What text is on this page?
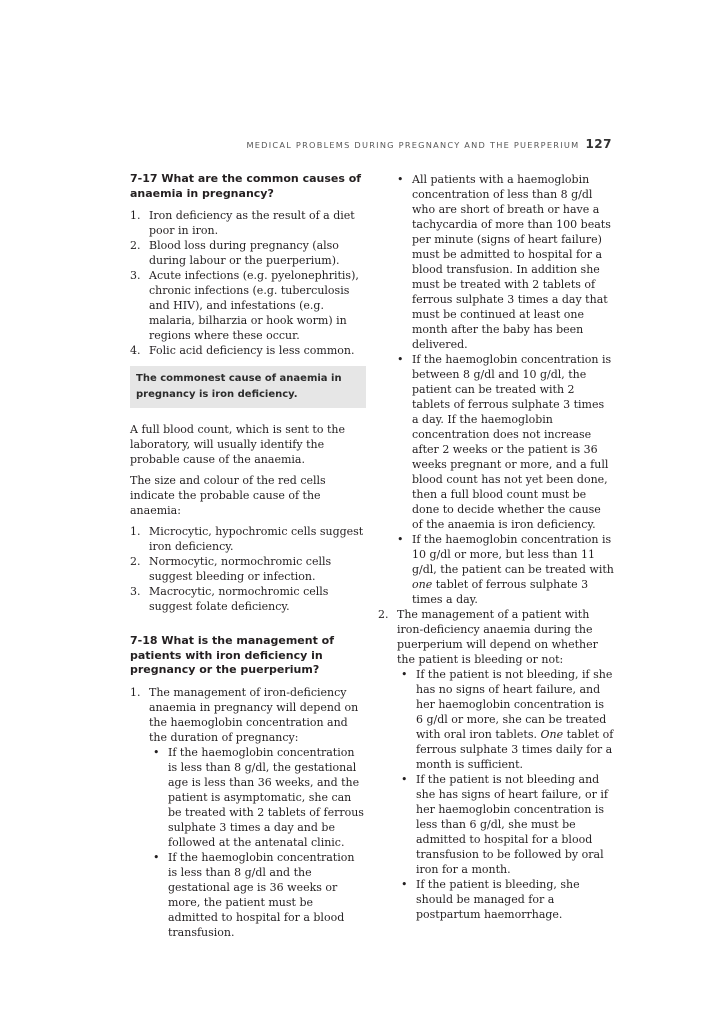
MEDICAL PROBLEMS DURING PREGNANCY AND THE PUERPERIUM 127
7-17 What are the common causes of anaemia in pregnancy?
1. Iron deficiency as the result of a diet poor in iron.
2. Blood loss during pregnancy (also during labour or the puerperium).
3. Acute infections (e.g. pyelonephritis), chronic infections (e.g. tuberculosis and HIV), and infestations (e.g. malaria, bilharzia or hook worm) in regions where these occur.
4. Folic acid deficiency is less common.
The commonest cause of anaemia in pregnancy is iron deficiency.

A full blood count, which is sent to the laboratory, will usually identify the probable cause of the anaemia.

The size and colour of the red cells indicate the probable cause of the anaemia:

1. Microcytic, hypochromic cells suggest iron deficiency.
2. Normocytic, normochromic cells suggest bleeding or infection.
3. Macrocytic, normochromic cells suggest folate deficiency.
7-18 What is the management of patients with iron deficiency in pregnancy or the puerperium?
1. The management of iron-deficiency anaemia in pregnancy will depend on the haemoglobin concentration and the duration of pregnancy:
• If the haemoglobin concentration is less than 8 g/dl, the gestational age is less than 36 weeks, and the patient is asymptomatic, she can be treated with 2 tablets of ferrous sulphate 3 times a day and be followed at the antenatal clinic.
• If the haemoglobin concentration is less than 8 g/dl and the gestational age is 36 weeks or more, the patient must be admitted to hospital for a blood transfusion.
• All patients with a haemoglobin concentration of less than 8 g/dl who are short of breath or have a tachycardia of more than 100 beats per minute (signs of heart failure) must be admitted to hospital for a blood transfusion. In addition she must be treated with 2 tablets of ferrous sulphate 3 times a day that must be continued at least one month after the baby has been delivered.
• If the haemoglobin concentration is between 8 g/dl and 10 g/dl, the patient can be treated with 2 tablets of ferrous sulphate 3 times a day. If the haemoglobin concentration does not increase after 2 weeks or the patient is 36 weeks pregnant or more, and a full blood count has not yet been done, then a full blood count must be done to decide whether the cause of the anaemia is iron deficiency.
• If the haemoglobin concentration is 10 g/dl or more, but less than 11 g/dl, the patient can be treated with one tablet of ferrous sulphate 3 times a day.
2. The management of a patient with iron-deficiency anaemia during the puerperium will depend on whether the patient is bleeding or not:
• If the patient is not bleeding, if she has no signs of heart failure, and her haemoglobin concentration is 6 g/dl or more, she can be treated with oral iron tablets. One tablet of ferrous sulphate 3 times daily for a month is sufficient.
• If the patient is not bleeding and she has signs of heart failure, or if her haemoglobin concentration is less than 6 g/dl, she must be admitted to hospital for a blood transfusion to be followed by oral iron for a month.
• If the patient is bleeding, she should be managed for a postpartum haemorrhage.
